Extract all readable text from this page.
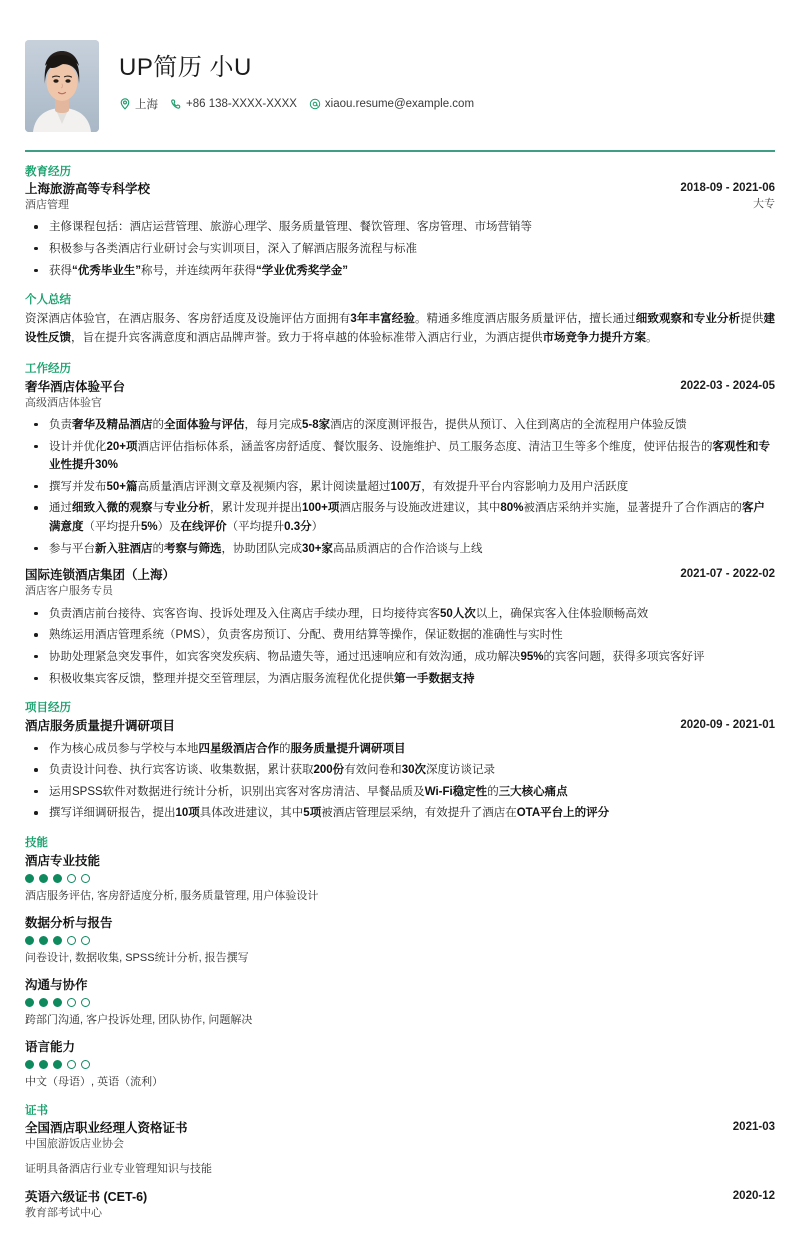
UP简历 小U
上海 +86 138-XXXX-XXXX xiaou.resume@example.com
教育经历
上海旅游高等专科学校
酒店管理
2018-09 - 2021-06
大专
主修课程包括：酒店运营管理、旅游心理学、服务质量管理、餐饮管理、客房管理、市场营销等
积极参与各类酒店行业研讨会与实训项目，深入了解酒店服务流程与标准
获得“优秀毕业生”称号，并连续两年获得“学业优秀奖学金”
个人总结
资深酒店体验官，在酒店服务、客房舒适度及设施评估方面拥有3年丰富经验。精通多维度酒店服务质量评估，擅长通过细致观察和专业分析提供建设性反馈，旨在提升宾客满意度和酒店品牌声誉。致力于将卓越的体验标准带入酒店行业，为酒店提供市场竞争力提升方案。
工作经历
奢华酒店体验平台
高级酒店体验官
2022-03 - 2024-05
负责奢华及精品酒店的全面体验与评估，每月完成5-8家酒店的深度测评报告，提供从预订、入住到离店的全流程用户体验反馈
设计并优化20+项酒店评估指标体系，涵盖客房舒适度、餐饮服务、设施维护、员工服务态度、清洁卫生等多个维度，使评估报告的客观性和专业性提升30%
撰写并发布50+篇高质量酒店评测文章及视频内容，累计阅读量超过100万，有效提升平台内容影响力及用户活跃度
通过细致入微的观察与专业分析，累计发现并提出100+项酒店服务与设施改进建议，其中80%被酒店采纳并实施，显著提升了合作酒店的客户满意度（平均提升5%）及在线评价（平均提升0.3分）
参与平台新入驻酒店的考察与筛选，协助团队完成30+家高品质酒店的合作洽谈与上线
国际连锁酒店集团（上海）
酒店客户服务专员
2021-07 - 2022-02
负责酒店前台接待、宾客咨询、投诉处理及入住离店手续办理，日均接待宾客50人次以上，确保宾客入住体验顺畅高效
熟练运用酒店管理系统（PMS），负责客房预订、分配、费用结算等操作，保证数据的准确性与实时性
协助处理紧急突发事件，如宾客突发疾病、物品遗失等，通过迅速响应和有效沟通，成功解决95%的宾客问题，获得多项宾客好评
积极收集宾客反馈，整理并提交至管理层，为酒店服务流程优化提供第一手数据支持
项目经历
酒店服务质量提升调研项目	2020-09 - 2021-01
作为核心成员参与学校与本地四星级酒店合作的服务质量提升调研项目
负责设计问卷、执行宾客访谈、收集数据，累计获取200份有效问卷和30次深度访谈记录
运用SPSS软件对数据进行统计分析，识别出宾客对客房清洁、早餐品质及Wi-Fi稳定性的三大核心痛点
撰写详细调研报告，提出10项具体改进建议，其中5项被酒店管理层采纳，有效提升了酒店在OTA平台上的评分
技能
酒店专业技能
酒店服务评估, 客房舒适度分析, 服务质量管理, 用户体验设计
数据分析与报告
问卷设计, 数据收集, SPSS统计分析, 报告撰写
沟通与协作
跨部门沟通, 客户投诉处理, 团队协作, 问题解决
语言能力
中文（母语）, 英语（流利）
证书
全国酒店职业经理人资格证书
中国旅游饭店业协会
2021-03
证明具备酒店行业专业管理知识与技能
英语六级证书 (CET-6)
教育部考试中心
2020-12
